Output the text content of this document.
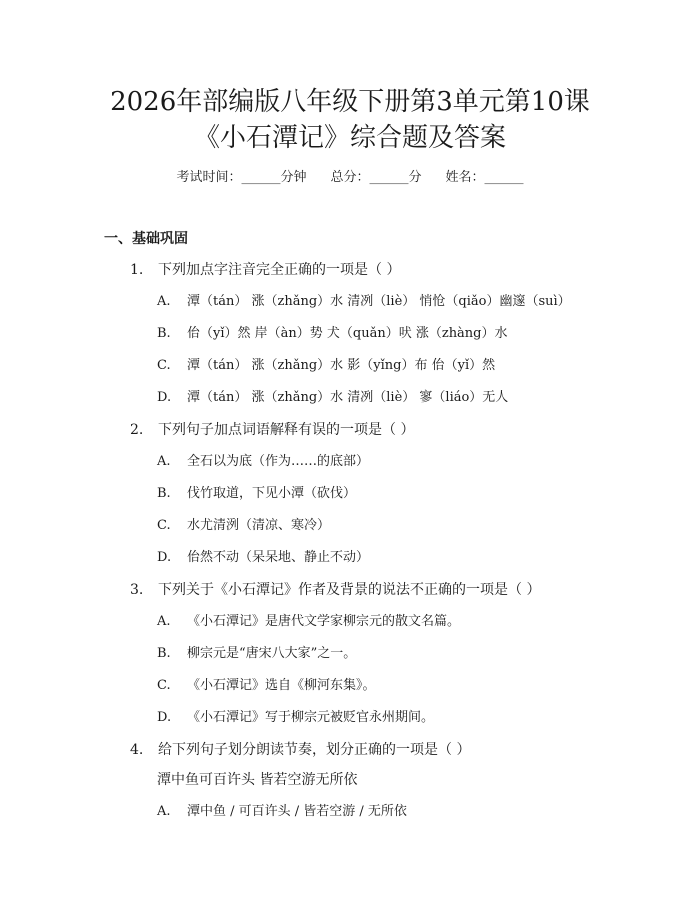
2026年部编版八年级下册第3单元第10课
《小石潭记》综合题及答案
考试时间：______分钟 总分：______分 姓名：______
一、基础巩固
1. 下列加点字注音完全正确的一项是（ ）
A. 潭（tán） 涨（zhǎng）水 清冽（liè） 悄怆（qiǎo）幽邃（suì）
B. 佁（yǐ）然 岸（àn）势 犬（quǎn）吠 涨（zhàng）水
C. 潭（tán） 涨（zhǎng）水 影（yǐng）布 佁（yǐ）然
D. 潭（tán） 涨（zhǎng）水 清冽（liè） 寥（liáo）无人
2. 下列句子加点词语解释有误的一项是（ ）
A. 全石以为底（作为……的底部）
B. 伐竹取道，下见小潭（砍伐）
C. 水尤清洌（清凉、寒冷）
D. 佁然不动（呆呆地、静止不动）
3. 下列关于《小石潭记》作者及背景的说法不正确的一项是（ ）
A. 《小石潭记》是唐代文学家柳宗元的散文名篇。
B. 柳宗元是“唐宋八大家”之一。
C. 《小石潭记》选自《柳河东集》。
D. 《小石潭记》写于柳宗元被贬官永州期间。
4. 给下列句子划分朗读节奏，划分正确的一项是（ ）
潭中鱼可百许头 皆若空游无所依
A. 潭中鱼 / 可百许头 / 皆若空游 / 无所依
